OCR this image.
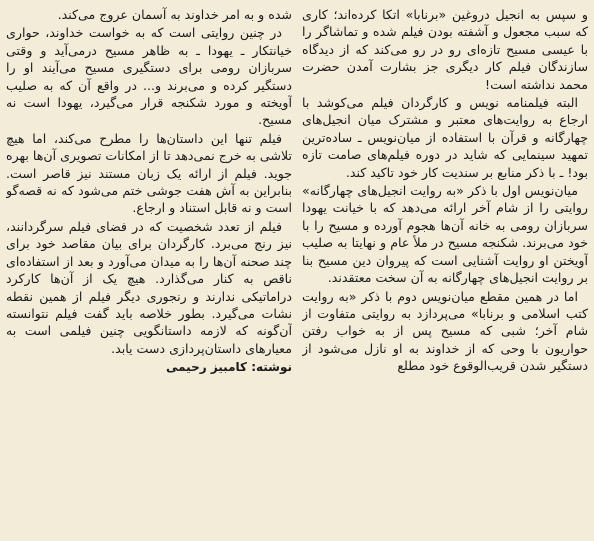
و سپس به انجیل دروغین «برنابا» اتکا کرده‌اند؛ کاری که سبب مجعول و آشفته بودن فیلم شده و تماشاگر را با عیسی مسیح تازه‌ای رو در رو می‌کند که از دیدگاه سازندگان فیلم کار دیگری جز بشارت آمدن حضرت محمد نداشته است!

البته فیلمنامه نویس و کارگردان فیلم می‌کوشد با ارجاع به روایت‌های معتبر و مشترک میان انجیل‌های چهارگانه و قرآن با استفاده از میان‌نویس ـ ساده‌ترین تمهید سینمایی که شاید در دوره فیلم‌های صامت تازه بود! ـ با ذکر منابع بر سندیت کار خود تاکید کند.

میان‌نویس اول با ذکر «به روایت انجیل‌های چهارگانه» روایتی را از شام آخر ارائه می‌دهد که با خیانت یهودا سربازان رومی به خانه آن‌ها هجوم آورده و مسیح را با خود می‌برند. شکنجه مسیح در ملأ عام و نهایتا به صلیب آویختن او روایت آشنایی است که پیروان دین مسیح بنا بر روایت انجیل‌های چهارگانه به آن سخت معتقدند.

اما در همین مقطع میان‌نویس دوم با ذکر «به روایت کتب اسلامی و برنابا» می‌پردازد به روایتی متفاوت از شام آخر؛ شبی که مسیح پس از به خواب رفتن حواریون با وحی که از خداوند به او نازل می‌شود از دستگیر شدن قریب‌الوقوع خود مطلع

شده و به امر خداوند به آسمان عروج می‌کند.

در چنین روایتی است که به خواست خداوند، حواری خیانتکار ـ یهودا ـ به ظاهر مسیح درمی‌آید و وقتی سربازان رومی برای دستگیری مسیح می‌آیند او را دستگیر کرده و می‌برند و... در واقع آن که به صلیب آویخته و مورد شکنجه قرار می‌گیرد، یهودا است نه مسیح.

فیلم تنها این داستان‌ها را مطرح می‌کند، اما هیچ تلاشی به خرج نمی‌دهد تا از امکانات تصویری آن‌ها بهره جوید. فیلم از ارائه یک زبان مستند نیز قاصر است. بنابراین به آش هفت جوشی ختم می‌شود که نه قصه‌گو است و نه قابل استناد و ارجاع.

فیلم از تعدد شخصیت که در فضای فیلم سرگردانند، نیز رنج می‌برد. کارگردان برای بیان مقاصد خود برای چند صحنه آن‌ها را به میدان می‌آورد و بعد از استفاده‌ای ناقص به کنار می‌گذارد. هیچ یک از آن‌ها کارکرد دراماتیکی ندارند و رنجوری دیگر فیلم از همین نقطه نشات می‌گیرد. بطور خلاصه باید گفت فیلم نتوانسته آن‌گونه که لازمه داستانگویی چنین فیلمی است به معیارهای داستان‌پردازی دست یابد.

نوشته: کامبیز رحیمی
